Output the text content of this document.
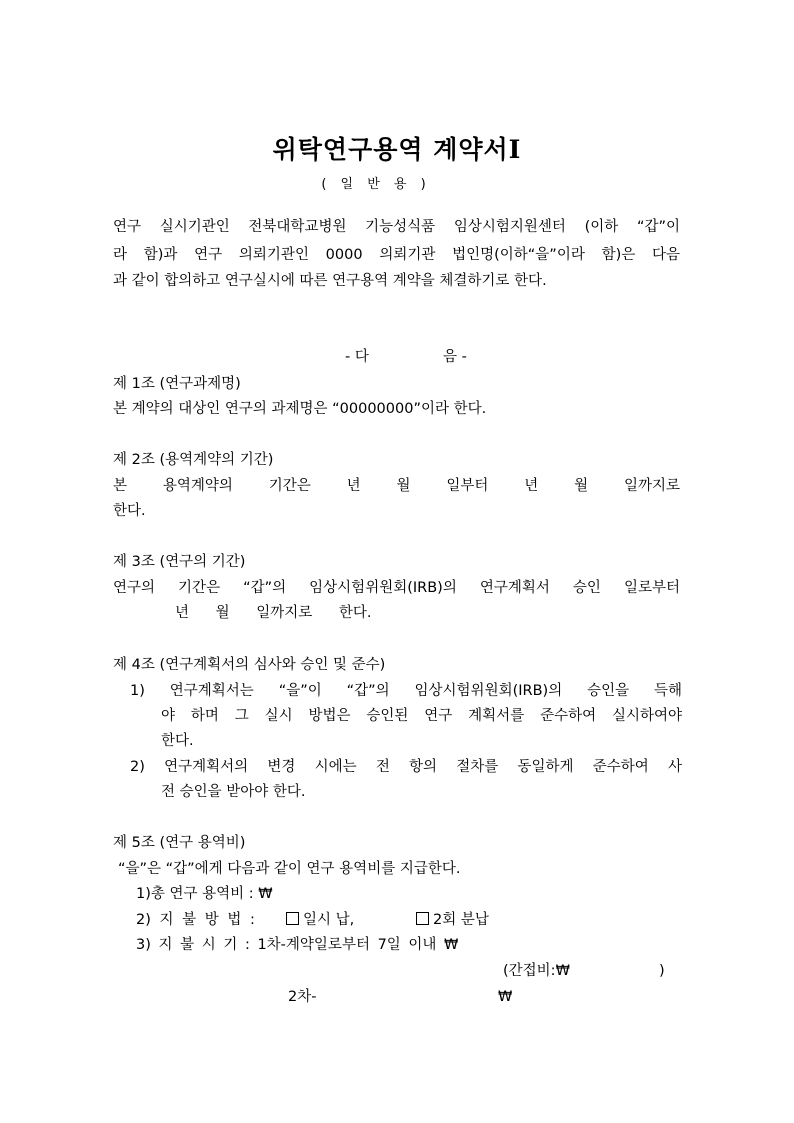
위탁연구용역 계약서Ⅰ
( 일 반 용 )
연구 실시기관인 전북대학교병원 기능성식품 임상시험지원센터 (이하 “갑”이
라 함)과 연구 의뢰기관인 0000 의뢰기관 법인명(이하“을”이라 함)은 다음
과 같이 합의하고 연구실시에 따른 연구용역 계약을 체결하기로 한다.
- 다	음 -
제 1조 (연구과제명)
본 계약의 대상인 연구의 과제명은 “00000000”이라 한다.
제 2조 (용역계약의 기간)
본 용역계약의 기간은 년 월 일부터 년 월 일까지로
한다.
제 3조 (연구의 기간)
연구의 기간은 “갑”의 임상시험위원회(IRB)의 연구계획서 승인 일로부터
년 월 일까지로 한다.
제 4조 (연구계획서의 심사와 승인 및 준수)
1) 연구계획서는 “을”이 “갑”의 임상시험위원회(IRB)의 승인을 득해
야 하며 그 실시 방법은 승인된 연구 계획서를 준수하여 실시하여야
한다.
2) 연구계획서의 변경 시에는 전 항의 절차를 동일하게 준수하여 사
전 승인을 받아야 한다.
제 5조 (연구 용역비)
“을”은 “갑”에게 다음과 같이 연구 용역비를 지급한다.
1)총 연구 용역비 : ₩
2) 지 불 방 법 :	일시 납,	2회 분납
3) 지 불 시 기 : 1차-계약일로부터 7일 이내 ₩
(간접비:₩	)
2차-	₩
